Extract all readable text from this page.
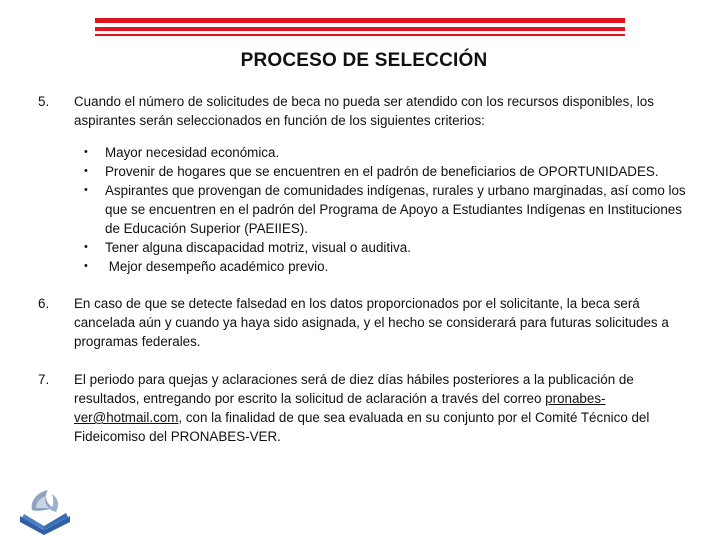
PROCESO DE SELECCIÓN
5.	Cuando el número de solicitudes de beca no pueda ser atendido con los recursos disponibles, los aspirantes serán seleccionados en función de los siguientes criterios:
•	Mayor necesidad económica.
•	Provenir de hogares que se encuentren en el padrón de beneficiarios de OPORTUNIDADES.
•	Aspirantes que provengan de comunidades indígenas, rurales y urbano marginadas, así como los que se encuentren en el padrón del Programa de Apoyo a Estudiantes Indígenas en Instituciones de Educación Superior (PAEIIES).
•	Tener alguna discapacidad motriz, visual o auditiva.
•	Mejor desempeño académico previo.
6.	En caso de que se detecte falsedad en los datos proporcionados por el solicitante, la beca será cancelada aún y cuando ya haya sido asignada, y el hecho se considerará para futuras solicitudes a programas federales.
7.	El periodo para quejas y aclaraciones será de diez días hábiles posteriores a la publicación de resultados, entregando por escrito la solicitud de aclaración a través del correo pronabes-ver@hotmail.com, con la finalidad de que sea evaluada en su conjunto por el Comité Técnico del Fideicomiso del PRONABES-VER.
